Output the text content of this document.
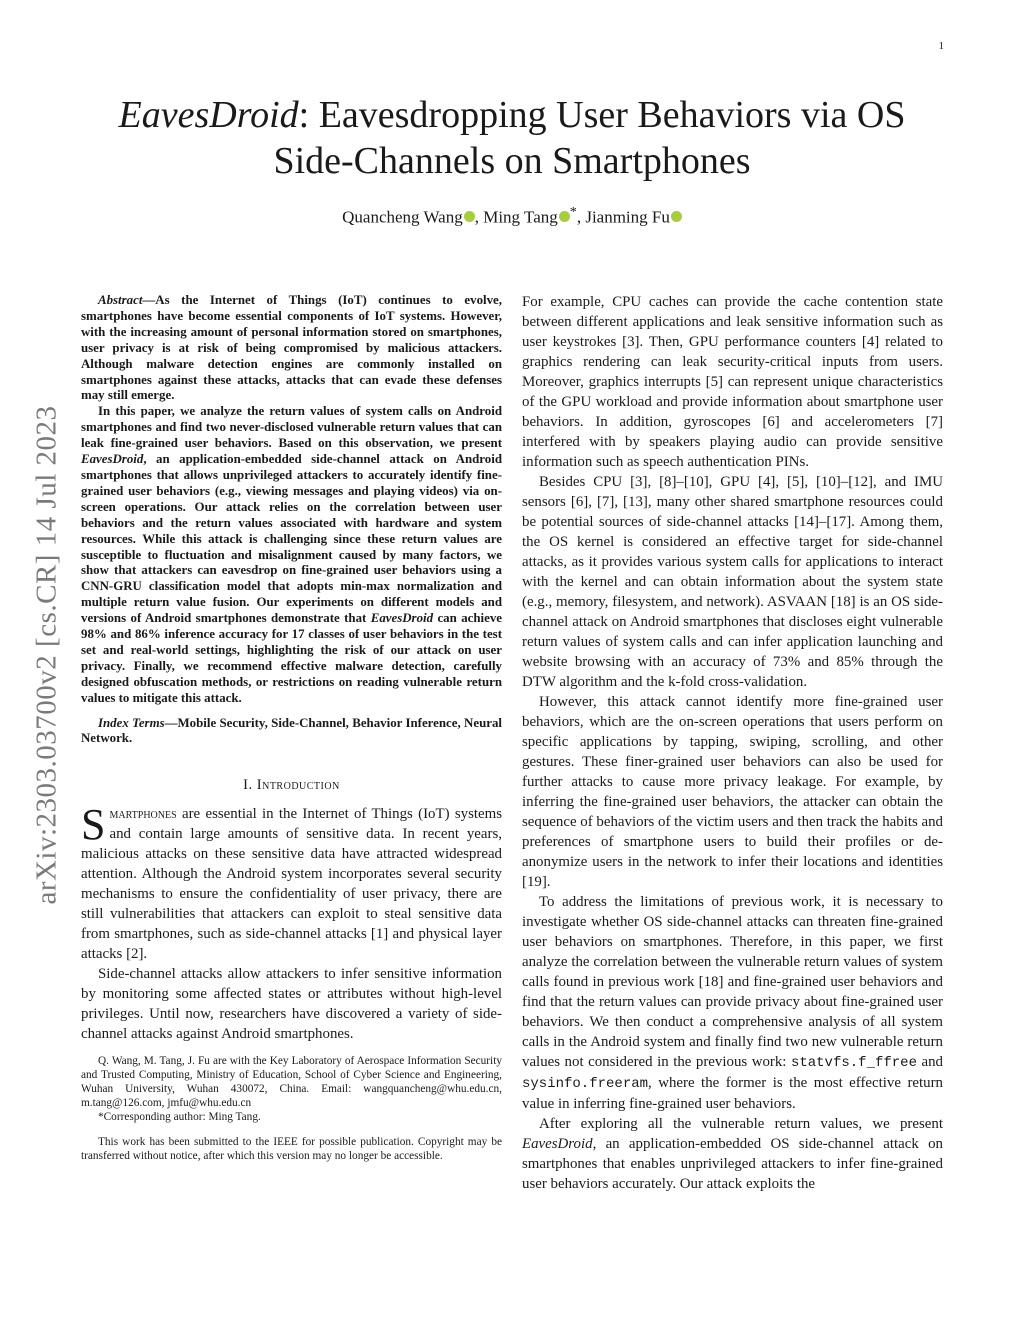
1
arXiv:2303.03700v2 [cs.CR] 14 Jul 2023
EavesDroid: Eavesdropping User Behaviors via OS
Side-Channels on Smartphones
Quancheng Wang , Ming Tang *, Jianming Fu

Abstract—As the Internet of Things (IoT) continues to evolve, smartphones have become essential components of IoT systems. However, with the increasing amount of personal information stored on smartphones, user privacy is at risk of being compromised by malicious attackers. Although malware detection engines are commonly installed on smartphones against these attacks, attacks that can evade these defenses may still emerge.

In this paper, we analyze the return values of system calls on Android smartphones and find two never-disclosed vulnerable return values that can leak fine-grained user behaviors. Based on this observation, we present EavesDroid, an application-embedded side-channel attack on Android smartphones that allows unprivileged attackers to accurately identify fine-grained user behaviors (e.g., viewing messages and playing videos) via on-screen operations. Our attack relies on the correlation between user behaviors and the return values associated with hardware and system resources. While this attack is challenging since these return values are susceptible to fluctuation and misalignment caused by many factors, we show that attackers can eavesdrop on fine-grained user behaviors using a CNN-GRU classification model that adopts min-max normalization and multiple return value fusion. Our experiments on different models and versions of Android smartphones demonstrate that EavesDroid can achieve 98% and 86% inference accuracy for 17 classes of user behaviors in the test set and real-world settings, highlighting the risk of our attack on user privacy. Finally, we recommend effective malware detection, carefully designed obfuscation methods, or restrictions on reading vulnerable return values to mitigate this attack.

Index Terms—Mobile Security, Side-Channel, Behavior Inference, Neural Network.
I. Introduction

Smartphones are essential in the Internet of Things (IoT) systems and contain large amounts of sensitive data. In recent years, malicious attacks on these sensitive data have attracted widespread attention. Although the Android system incorporates several security mechanisms to ensure the confidentiality of user privacy, there are still vulnerabilities that attackers can exploit to steal sensitive data from smartphones, such as side-channel attacks [1] and physical layer attacks [2].

Side-channel attacks allow attackers to infer sensitive information by monitoring some affected states or attributes without high-level privileges. Until now, researchers have discovered a variety of side-channel attacks against Android smartphones.

Q. Wang, M. Tang, J. Fu are with the Key Laboratory of Aerospace Information Security and Trusted Computing, Ministry of Education, School of Cyber Science and Engineering, Wuhan University, Wuhan 430072, China. Email: wangquancheng@whu.edu.cn, m.tang@126.com, jmfu@whu.edu.cn

*Corresponding author: Ming Tang.

This work has been submitted to the IEEE for possible publication. Copyright may be transferred without notice, after which this version may no longer be accessible.

For example, CPU caches can provide the cache contention state between different applications and leak sensitive information such as user keystrokes [3]. Then, GPU performance counters [4] related to graphics rendering can leak security-critical inputs from users. Moreover, graphics interrupts [5] can represent unique characteristics of the GPU workload and provide information about smartphone user behaviors. In addition, gyroscopes [6] and accelerometers [7] interfered with by speakers playing audio can provide sensitive information such as speech authentication PINs.

Besides CPU [3], [8]–[10], GPU [4], [5], [10]–[12], and IMU sensors [6], [7], [13], many other shared smartphone resources could be potential sources of side-channel attacks [14]–[17]. Among them, the OS kernel is considered an effective target for side-channel attacks, as it provides various system calls for applications to interact with the kernel and can obtain information about the system state (e.g., memory, filesystem, and network). ASVAAN [18] is an OS side-channel attack on Android smartphones that discloses eight vulnerable return values of system calls and can infer application launching and website browsing with an accuracy of 73% and 85% through the DTW algorithm and the k-fold cross-validation.

However, this attack cannot identify more fine-grained user behaviors, which are the on-screen operations that users perform on specific applications by tapping, swiping, scrolling, and other gestures. These finer-grained user behaviors can also be used for further attacks to cause more privacy leakage. For example, by inferring the fine-grained user behaviors, the attacker can obtain the sequence of behaviors of the victim users and then track the habits and preferences of smartphone users to build their profiles or de-anonymize users in the network to infer their locations and identities [19].

To address the limitations of previous work, it is necessary to investigate whether OS side-channel attacks can threaten fine-grained user behaviors on smartphones. Therefore, in this paper, we first analyze the correlation between the vulnerable return values of system calls found in previous work [18] and fine-grained user behaviors and find that the return values can provide privacy about fine-grained user behaviors. We then conduct a comprehensive analysis of all system calls in the Android system and finally find two new vulnerable return values not considered in the previous work: statvfs.f_ffree and sysinfo.freeram, where the former is the most effective return value in inferring fine-grained user behaviors.

After exploring all the vulnerable return values, we present EavesDroid, an application-embedded OS side-channel attack on smartphones that enables unprivileged attackers to infer fine-grained user behaviors accurately. Our attack exploits the
